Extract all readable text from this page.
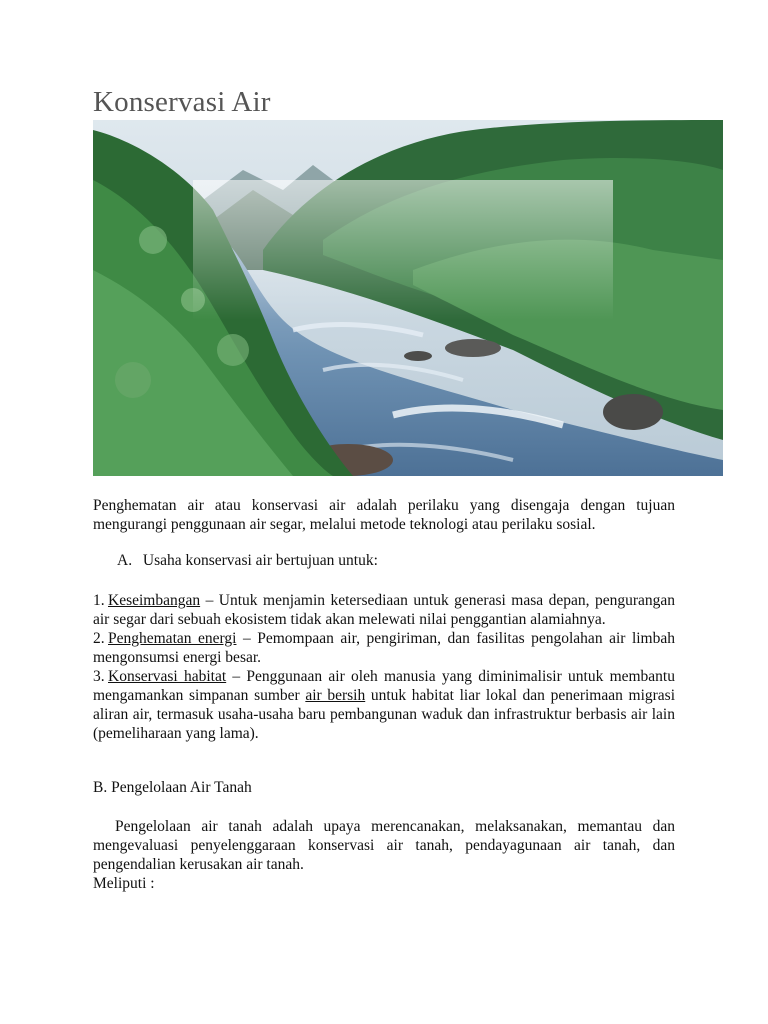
Konservasi Air

Penghematan air atau konservasi air adalah perilaku yang disengaja dengan tujuan mengurangi penggunaan air segar, melalui metode teknologi atau perilaku sosial.

A. Usaha konservasi air bertujuan untuk:

1. Keseimbangan – Untuk menjamin ketersediaan untuk generasi masa depan, pengurangan air segar dari sebuah ekosistem tidak akan melewati nilai penggantian alamiahnya.

2. Penghematan energi – Pemompaan air, pengiriman, dan fasilitas pengolahan air limbah mengonsumsi energi besar.

3. Konservasi habitat – Penggunaan air oleh manusia yang diminimalisir untuk membantu mengamankan simpanan sumber air bersih untuk habitat liar lokal dan penerimaan migrasi aliran air, termasuk usaha-usaha baru pembangunan waduk dan infrastruktur berbasis air lain (pemeliharaan yang lama).

B. Pengelolaan Air Tanah

Pengelolaan air tanah adalah upaya merencanakan, melaksanakan, memantau dan mengevaluasi penyelenggaraan konservasi air tanah, pendayagunaan air tanah, dan pengendalian kerusakan air tanah.

Meliputi :
